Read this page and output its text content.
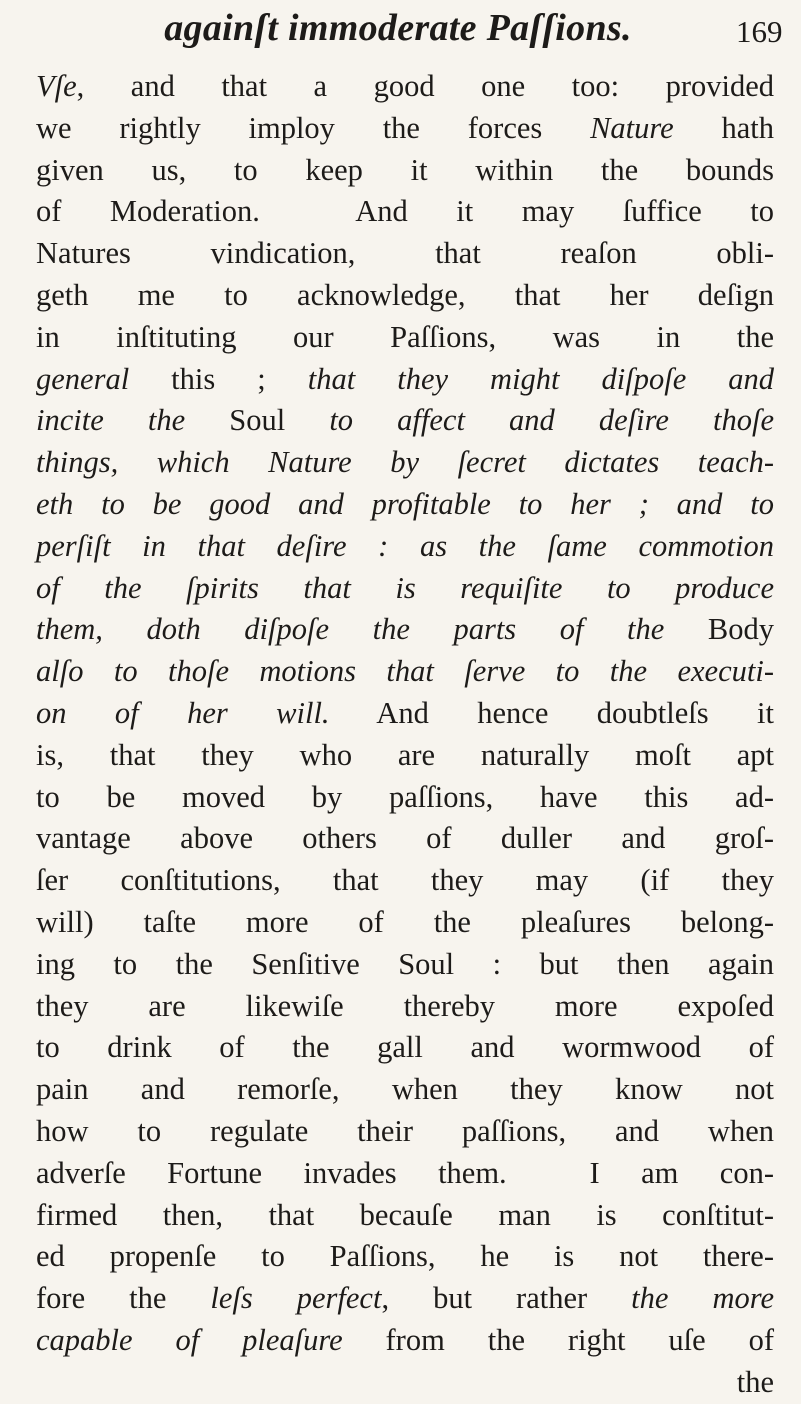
againſt immoderate Paſſions.	169
Vſe, and that a good one too: provided
we rightly imploy the forces Nature hath
given us, to keep it within the bounds
of Moderation.  And it may ſuffice to
Natures vindication, that reaſon obli-
geth me to acknowledge, that her deſign
in inſtituting our Paſſions, was in the
general this ; that they might diſpoſe and
incite the Soul to affect and deſire thoſe
things, which Nature by ſecret dictates teach-
eth to be good and profitable to her ; and to
perſiſt in that deſire : as the ſame commotion
of the ſpirits that is requiſite to produce
them, doth diſpoſe the parts of the Body
alſo to thoſe motions that ſerve to the executi-
on of her will. And hence doubtleſs it
is, that they who are naturally moſt apt
to be moved by paſſions, have this ad-
vantage above others of duller and groſ-
ſer conſtitutions, that they may (if they
will) taſte more of the pleaſures belong-
ing to the Senſitive Soul : but then again
they are likewiſe thereby more expoſed
to drink of the gall and wormwood of
pain and remorſe, when they know not
how to regulate their paſſions, and when
adverſe Fortune invades them.  I am con-
firmed then, that becauſe man is conſtitut-
ed propenſe to Paſſions, he is not there-
fore the leſs perfect, but rather the more
capable of pleaſure from the right uſe of
the
